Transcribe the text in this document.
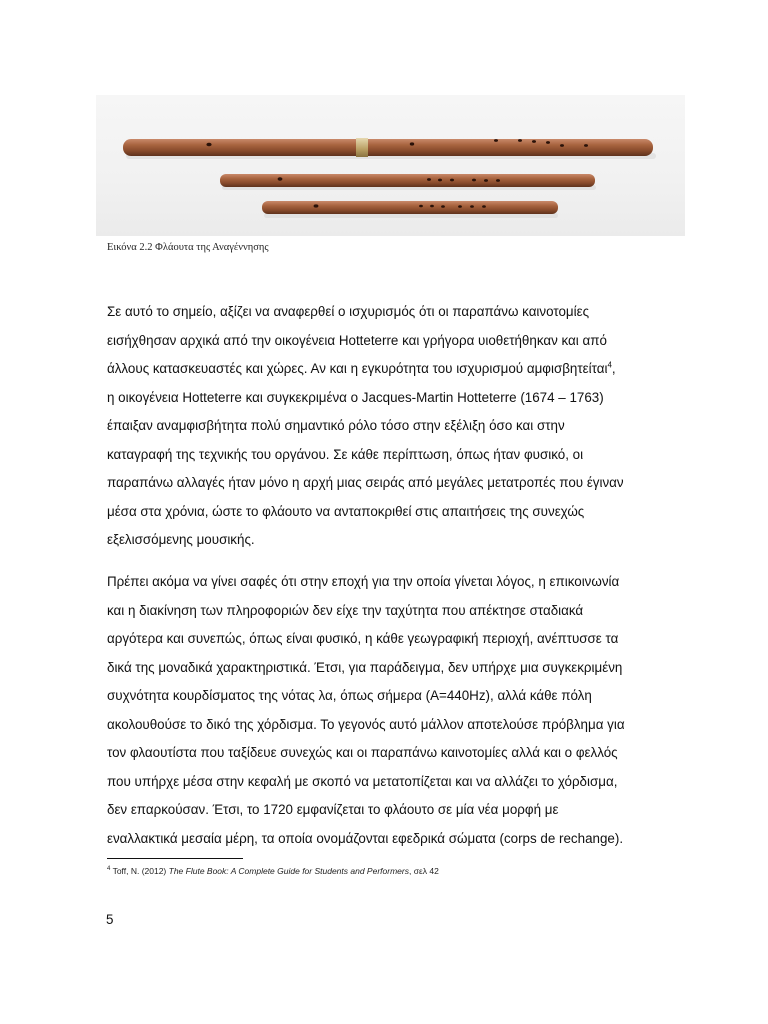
Εικόνα 2.2 Φλάουτα της Αναγέννησης
Σε αυτό το σημείο, αξίζει να αναφερθεί ο ισχυρισμός ότι οι παραπάνω καινοτομίες
εισήχθησαν αρχικά από την οικογένεια Hotteterre και γρήγορα υιοθετήθηκαν και από
άλλους κατασκευαστές και χώρες. Αν και η εγκυρότητα του ισχυρισμού αμφισβητείται$^4$,
η οικογένεια Hotteterre και συγκεκριμένα ο Jacques-Martin Hotteterre (1674 – 1763)
έπαιξαν αναμφισβήτητα πολύ σημαντικό ρόλο τόσο στην εξέλιξη όσο και στην
καταγραφή της τεχνικής του οργάνου. Σε κάθε περίπτωση, όπως ήταν φυσικό, οι
παραπάνω αλλαγές ήταν μόνο η αρχή μιας σειράς από μεγάλες μετατροπές που έγιναν
μέσα στα χρόνια, ώστε το φλάουτο να ανταποκριθεί στις απαιτήσεις της συνεχώς
εξελισσόμενης μουσικής.
Πρέπει ακόμα να γίνει σαφές ότι στην εποχή για την οποία γίνεται λόγος, η επικοινωνία
και η διακίνηση των πληροφοριών δεν είχε την ταχύτητα που απέκτησε σταδιακά
αργότερα και συνεπώς, όπως είναι φυσικό, η κάθε γεωγραφική περιοχή, ανέπτυσσε τα
δικά της μοναδικά χαρακτηριστικά. Έτσι, για παράδειγμα, δεν υπήρχε μια συγκεκριμένη
συχνότητα κουρδίσματος της νότας λα, όπως σήμερα (A=440Hz), αλλά κάθε πόλη
ακολουθούσε το δικό της χόρδισμα. Το γεγονός αυτό μάλλον αποτελούσε πρόβλημα για
τον φλαουτίστα που ταξίδευε συνεχώς και οι παραπάνω καινοτομίες αλλά και ο φελλός
που υπήρχε μέσα στην κεφαλή με σκοπό να μετατοπίζεται και να αλλάζει το χόρδισμα,
δεν επαρκούσαν. Έτσι, το 1720 εμφανίζεται το φλάουτο σε μία νέα μορφή με
εναλλακτικά μεσαία μέρη, τα οποία ονομάζονται εφεδρικά σώματα (corps de rechange).
$^4$ Toff, N. (2012) The Flute Book: A Complete Guide for Students and Performers, σελ 42
5
